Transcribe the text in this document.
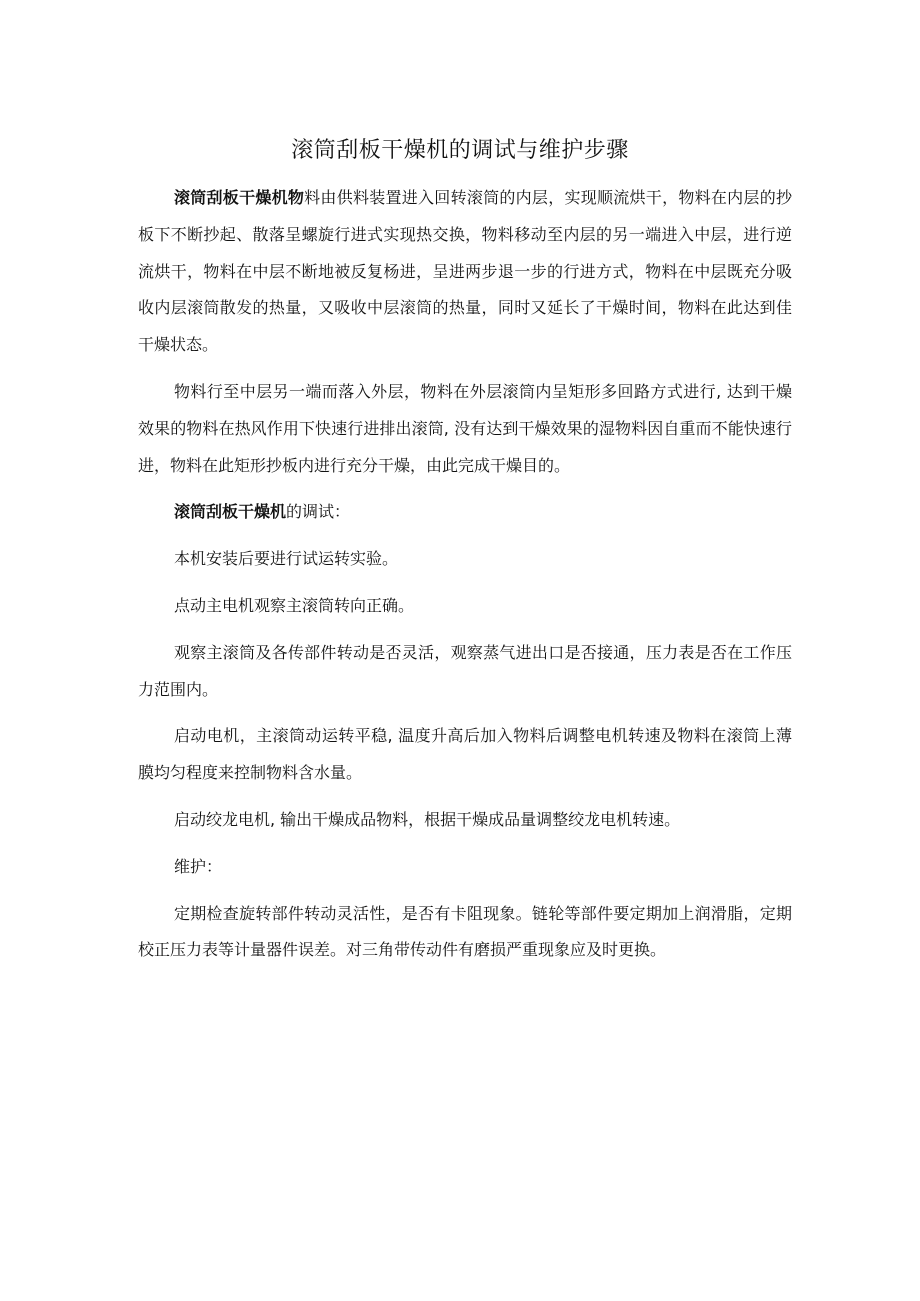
滚筒刮板干燥机的调试与维护步骤

滚筒刮板干燥机物料由供料装置进入回转滚筒的内层，实现顺流烘干，物料在内层的抄板下不断抄起、散落呈螺旋行进式实现热交换，物料移动至内层的另一端进入中层，进行逆流烘干，物料在中层不断地被反复杨进，呈进两步退一步的行进方式，物料在中层既充分吸收内层滚筒散发的热量，又吸收中层滚筒的热量，同时又延长了干燥时间，物料在此达到佳干燥状态。

物料行至中层另一端而落入外层，物料在外层滚筒内呈矩形多回路方式进行, 达到干燥效果的物料在热风作用下快速行进排出滚筒, 没有达到干燥效果的湿物料因自重而不能快速行进，物料在此矩形抄板内进行充分干燥，由此完成干燥目的。

滚筒刮板干燥机的调试：

本机安装后要进行试运转实验。

点动主电机观察主滚筒转向正确。

观察主滚筒及各传部件转动是否灵活，观察蒸气进出口是否接通，压力表是否在工作压力范围内。

启动电机，主滚筒动运转平稳, 温度升高后加入物料后调整电机转速及物料在滚筒上薄膜均匀程度来控制物料含水量。

启动绞龙电机, 输出干燥成品物料，根据干燥成品量调整绞龙电机转速。

维护：

定期检查旋转部件转动灵活性，是否有卡阻现象。链轮等部件要定期加上润滑脂，定期校正压力表等计量器件误差。对三角带传动件有磨损严重现象应及时更换。
